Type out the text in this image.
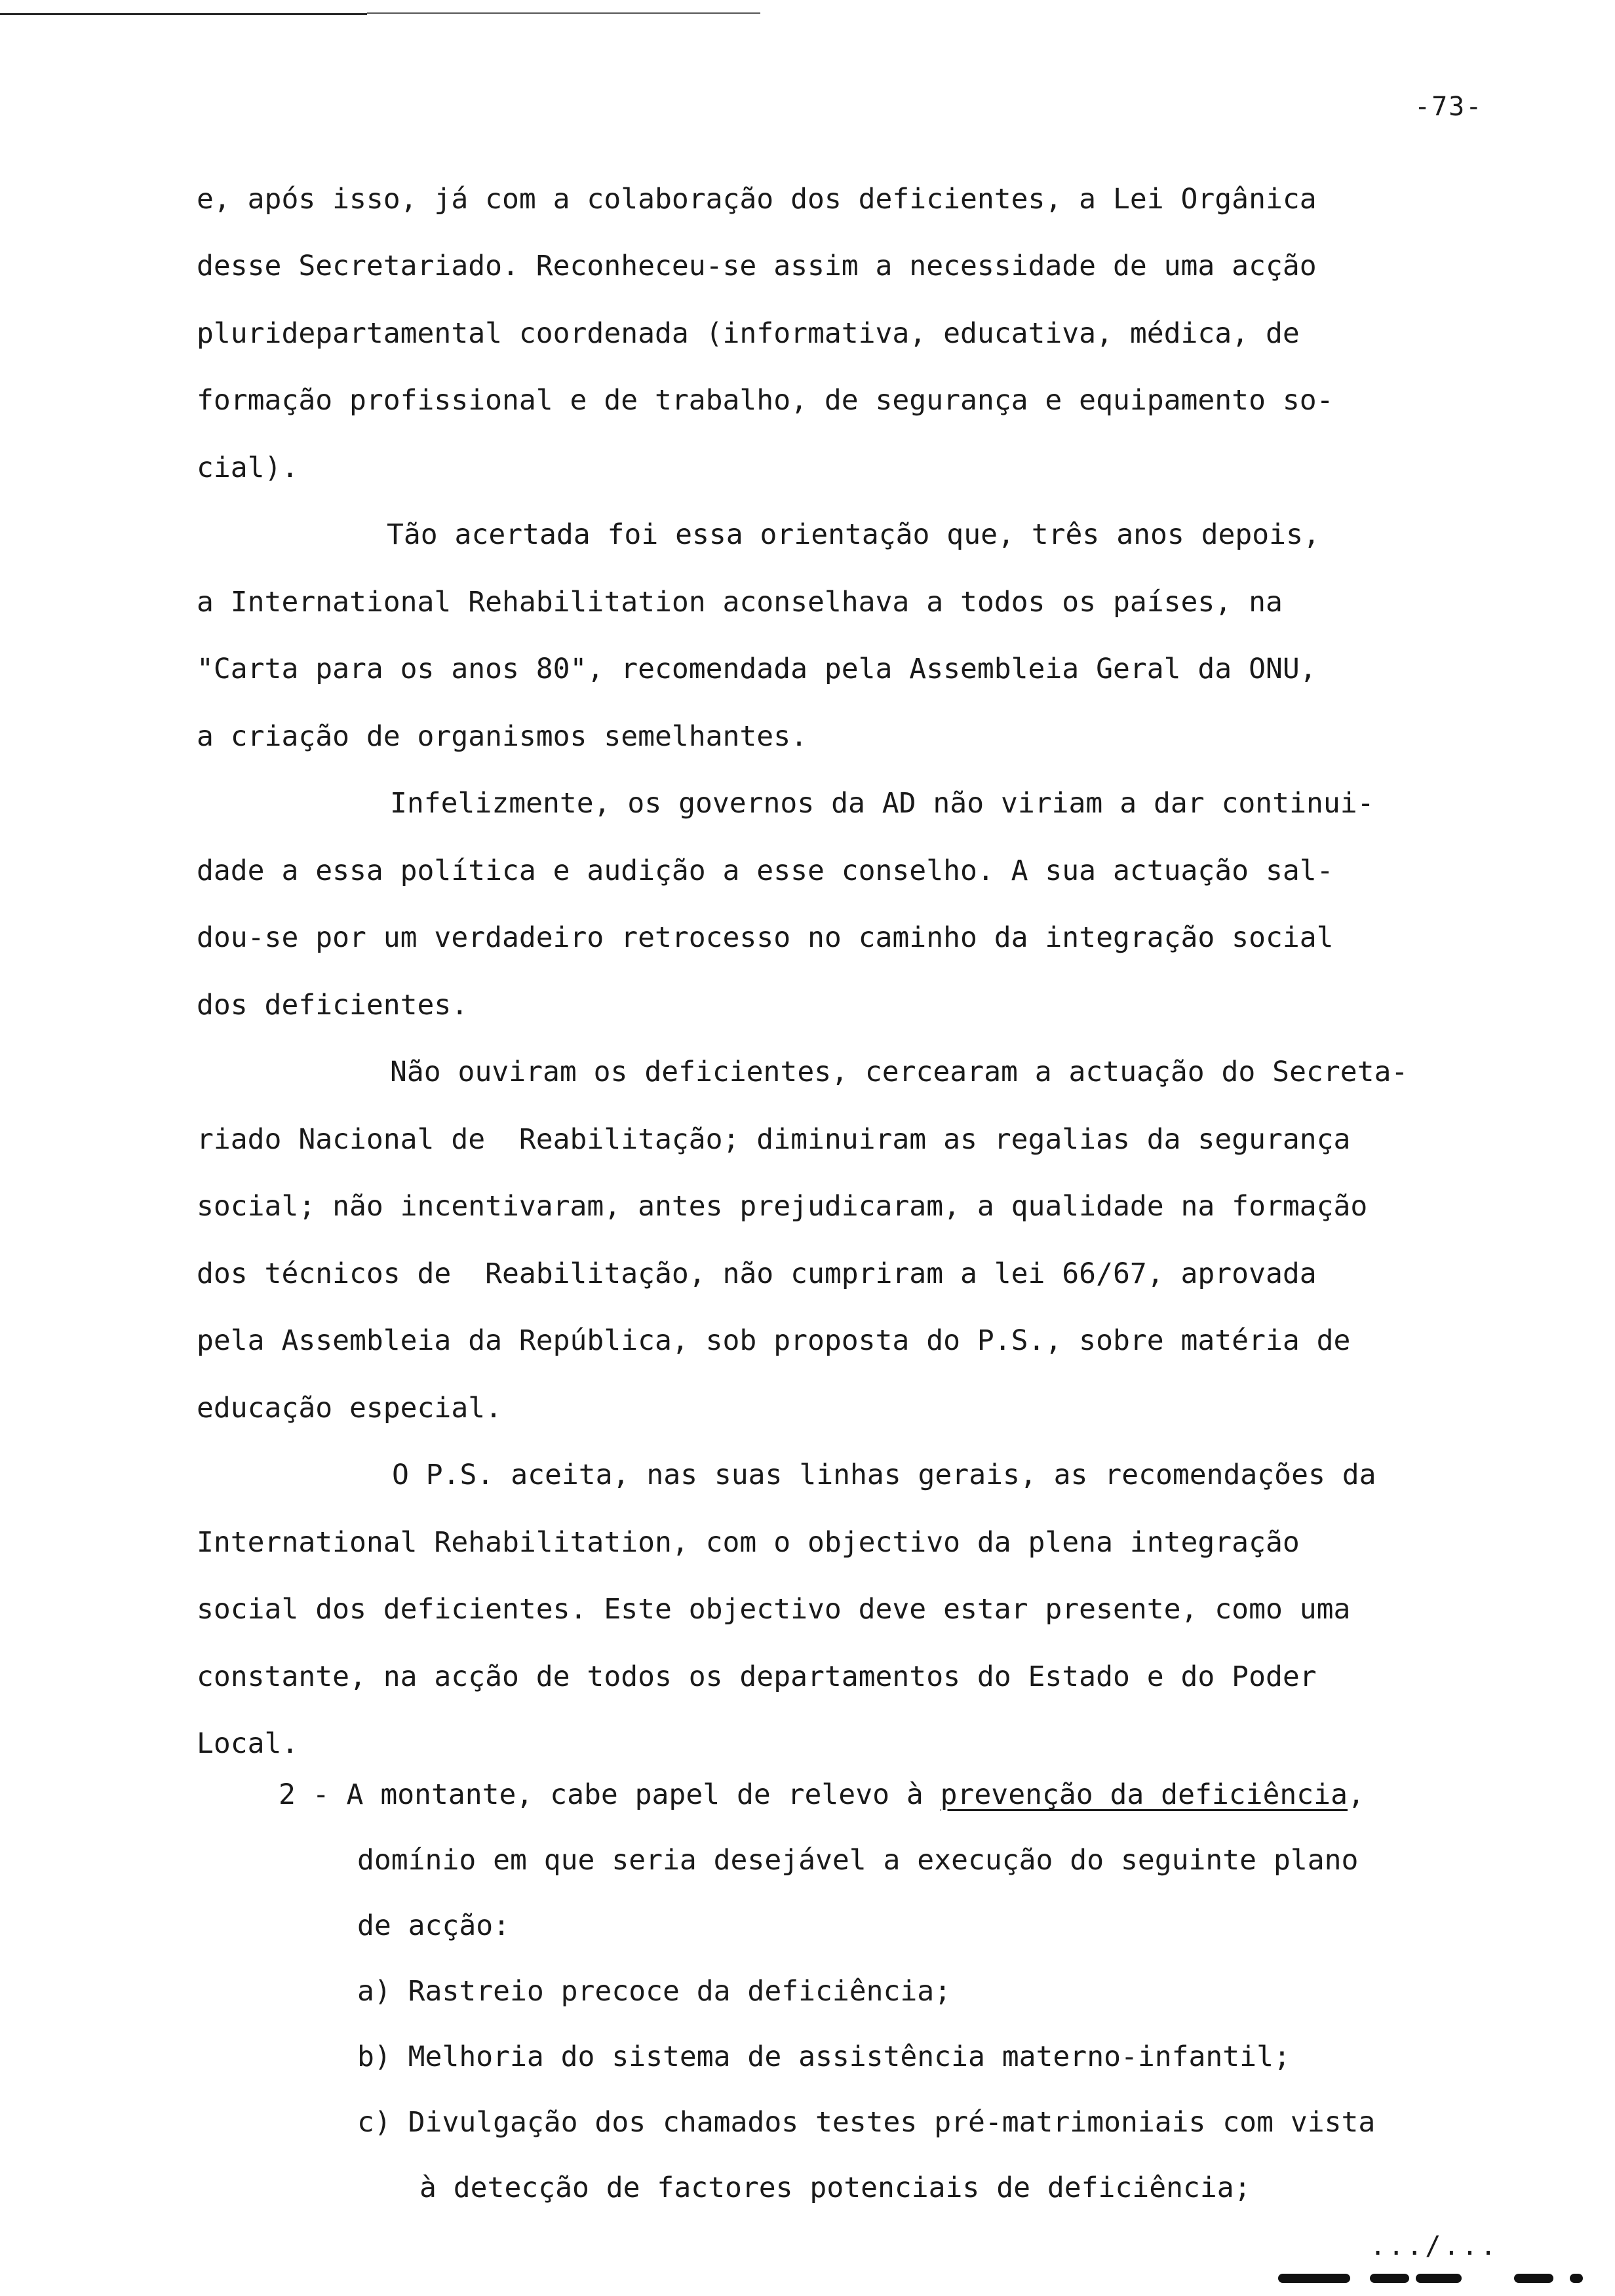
-73-
e, após isso, já com a colaboração dos deficientes, a Lei Orgânica
desse Secretariado. Reconheceu-se assim a necessidade de uma acção
pluridepartamental coordenada (informativa, educativa, médica, de
formação profissional e de trabalho, de segurança e equipamento so-
cial).
Tão acertada foi essa orientação que, três anos depois,
a International Rehabilitation aconselhava a todos os países, na
"Carta para os anos 80", recomendada pela Assembleia Geral da ONU,
a criação de organismos semelhantes.
Infelizmente, os governos da AD não viriam a dar continui-
dade a essa política e audição a esse conselho. A sua actuação sal-
dou-se por um verdadeiro retrocesso no caminho da integração social
dos deficientes.
Não ouviram os deficientes, cercearam a actuação do Secreta-
riado Nacional de  Reabilitação; diminuiram as regalias da segurança
social; não incentivaram, antes prejudicaram, a qualidade na formação
dos técnicos de  Reabilitação, não cumpriram a lei 66/67, aprovada
pela Assembleia da República, sob proposta do P.S., sobre matéria de
educação especial.
O P.S. aceita, nas suas linhas gerais, as recomendações da
International Rehabilitation, com o objectivo da plena integração
social dos deficientes. Este objectivo deve estar presente, como uma
constante, na acção de todos os departamentos do Estado e do Poder
Local.
2 - A montante, cabe papel de relevo à prevenção da deficiência,
domínio em que seria desejável a execução do seguinte plano
de acção:
a) Rastreio precoce da deficiência;
b) Melhoria do sistema de assistência materno-infantil;
c) Divulgação dos chamados testes pré-matrimoniais com vista
à detecção de factores potenciais de deficiência;
.../...
